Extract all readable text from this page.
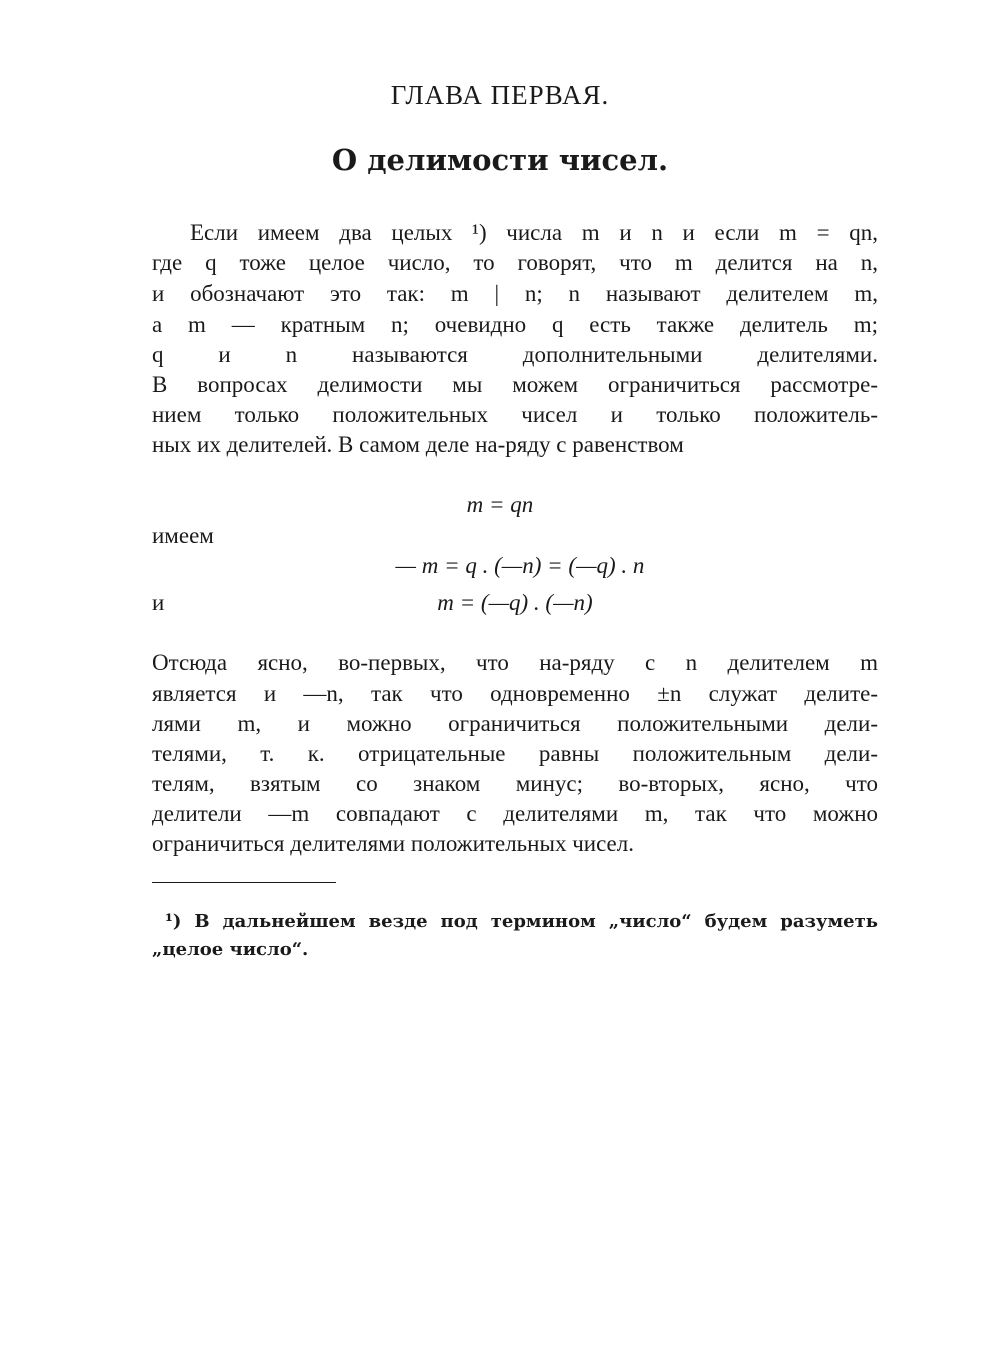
ГЛАВА ПЕРВАЯ.
О делимости чисел.
Если имеем два целых ¹) числа m и n и если m = qn,
где q тоже целое число, то говорят, что m делится на n,
и обозначают это так: m | n; n называют делителем m,
a m — кратным n; очевидно q есть также делитель m;
q и n называются дополнительными делителями.
В вопросах делимости мы можем ограничиться рассмотре-
нием только положительных чисел и только положитель-
ных их делителей. В самом деле на-ряду с равенством
m = qn
имеем
— m = q . (—n) = (—q) . n
и	m = (—q) . (—n)
Отсюда ясно, во-первых, что на-ряду с n делителем m
является и —n, так что одновременно ±n служат делите-
лями m, и можно ограничиться положительными дели-
телями, т. к. отрицательные равны положительным дели-
телям, взятым со знаком минус; во-вторых, ясно, что
делители —m совпадают с делителями m, так что можно
ограничиться делителями положительных чисел.
¹) В дальнейшем везде под термином „число“ будем разуметь
„целое число“.
